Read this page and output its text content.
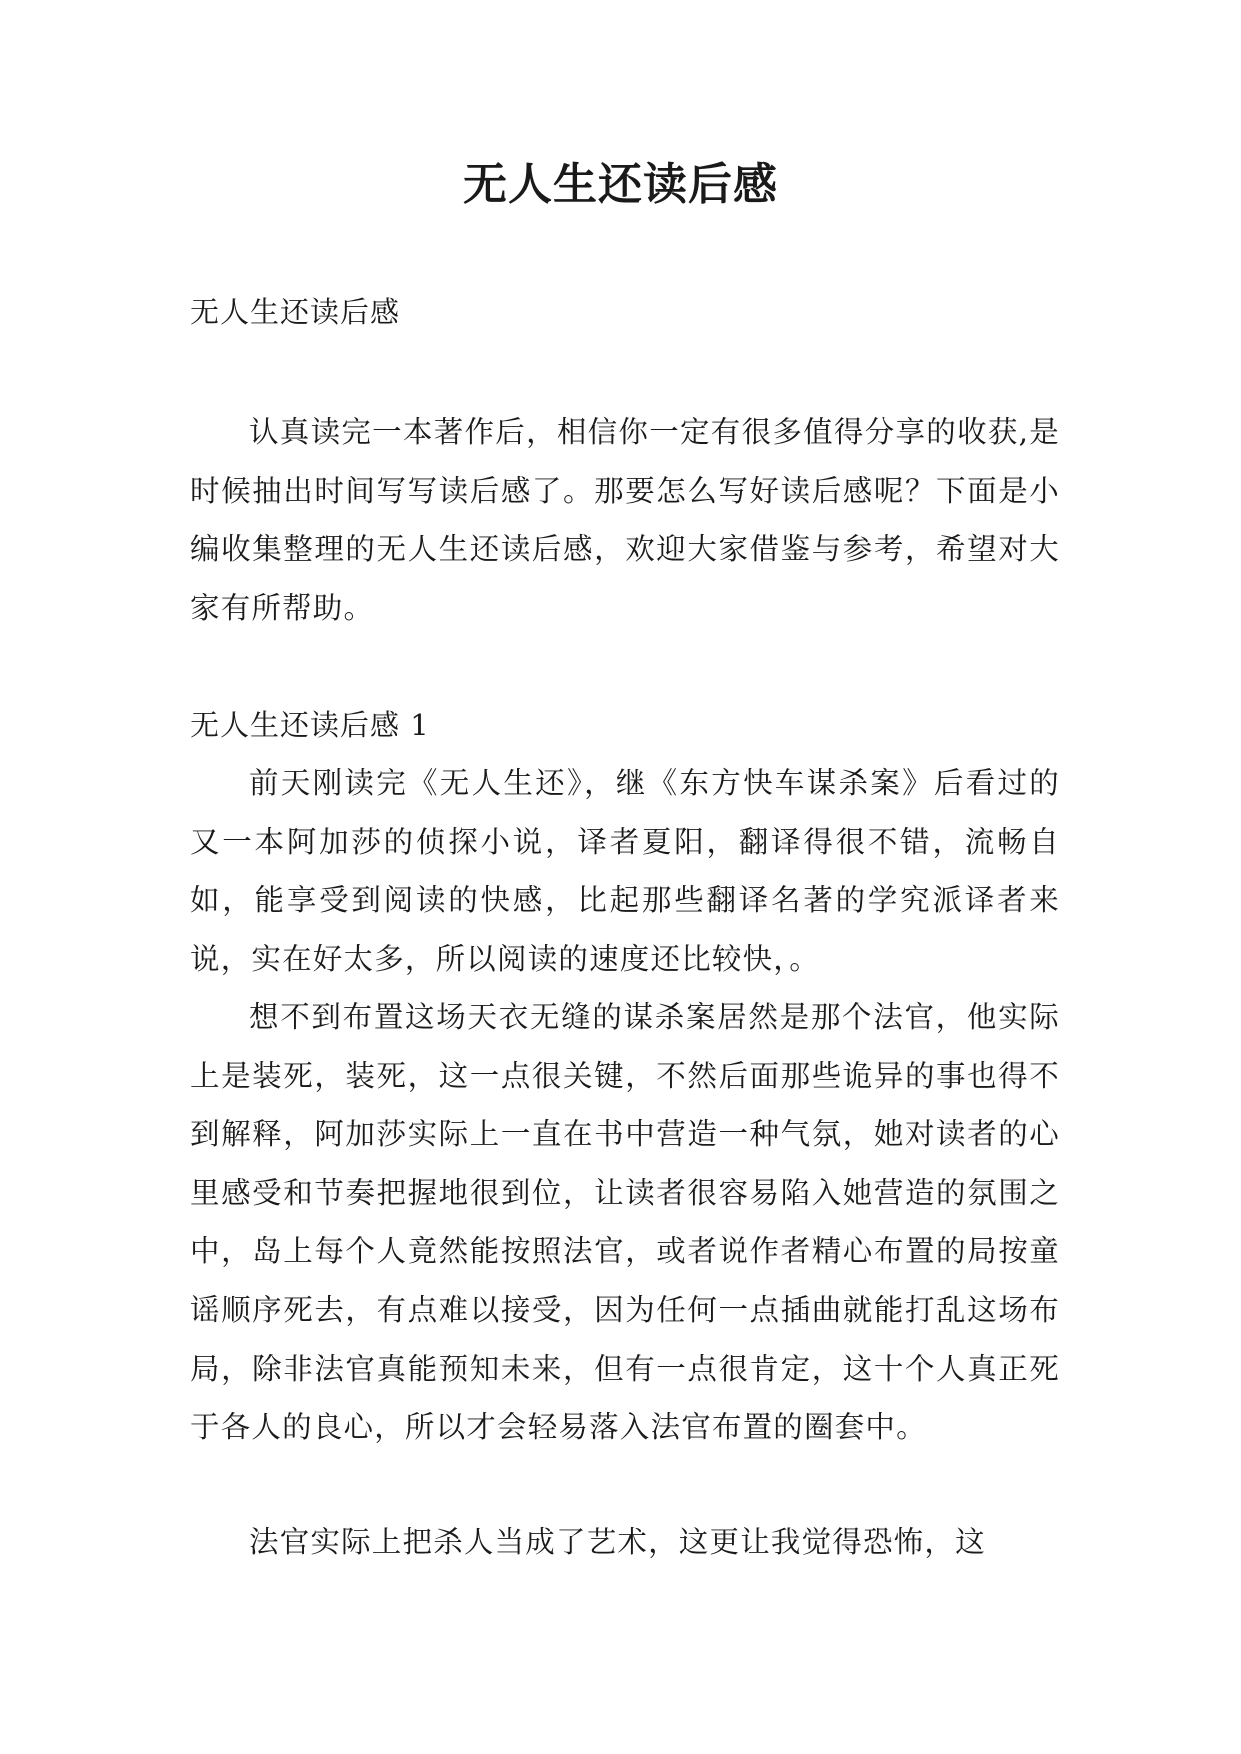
无人生还读后感

无人生还读后感

认真读完一本著作后，相信你一定有很多值得分享的收获,是时候抽出时间写写读后感了。那要怎么写好读后感呢？下面是小编收集整理的无人生还读后感，欢迎大家借鉴与参考，希望对大家有所帮助。

无人生还读后感 1

前天刚读完《无人生还》，继《东方快车谋杀案》后看过的又一本阿加莎的侦探小说，译者夏阳，翻译得很不错，流畅自如，能享受到阅读的快感，比起那些翻译名著的学究派译者来说，实在好太多，所以阅读的速度还比较快，。

想不到布置这场天衣无缝的谋杀案居然是那个法官，他实际上是装死，装死，这一点很关键，不然后面那些诡异的事也得不到解释，阿加莎实际上一直在书中营造一种气氛，她对读者的心里感受和节奏把握地很到位，让读者很容易陷入她营造的氛围之中，岛上每个人竟然能按照法官，或者说作者精心布置的局按童谣顺序死去，有点难以接受，因为任何一点插曲就能打乱这场布局，除非法官真能预知未来，但有一点很肯定，这十个人真正死于各人的良心，所以才会轻易落入法官布置的圈套中。

法官实际上把杀人当成了艺术，这更让我觉得恐怖，这
